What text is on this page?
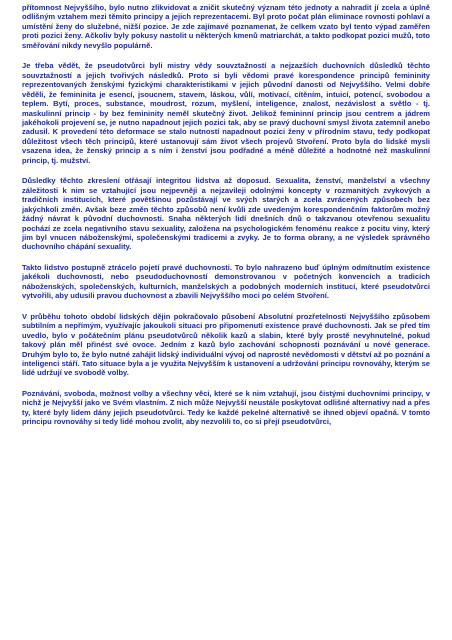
přítomnost Nejvyššího, bylo nutno zlikvidovat a zničit skutečný význam této jednoty a nahradit jí zcela a úplně odlišným vztahem mezi těmito principy a jejich reprezentacemi. Byl proto počat plán eliminace rovnosti pohlaví a umístění ženy do služebné, nižší pozice. Je zde zajímavé poznamenat, že celkem vzato byl tento výpad zaměřen proti pozici ženy. Ačkoliv byly pokusy nastolit u některých kmenů matriarchát, a takto podkopat pozici mužů, toto směřování nikdy nevyšlo populárně.

Je třeba vědět, že pseudotvůrci byli mistry vědy souvztažností a nejzazších duchovních důsledků těchto souvztažností a jejich tvořivých následků. Proto si byli vědomi pravé korespondence principů femininity reprezentovaných ženskými fyzickými charakteristikami v jejich původní danosti od Nejvyššího. Velmi dobře věděli, že femininita je esencí, jsoucnem, stavem, láskou, vůlí, motivací, cítěním, intuicí, potencí, svobodou a teplem. Bytí, proces, substance, moudrost, rozum, myšlení, inteligence, znalost, nezávislost a světlo - tj. maskulinní princip - by bez femininity neměl skutečný život. Jelikož femininní princip jsou centrem a jádrem jakéhokoli projevení se, je nutno napadnout jejich pozici tak, aby se pravý duchovní smysl života zatemnil anebo zadusil. K provedení této deformace se stalo nutností napadnout pozici ženy v přírodním stavu, tedy podkopat důležitost všech těch principů, které ustanovují sám život všech projevů Stvoření. Proto byla do lidské mysli vsazena idea, že ženský princip a s ním i ženství jsou podřadné a méně důležité a hodnotné než maskulinní princip, tj. mužství.

Důsledky těchto zkreslení otřásají integritou lidstva až doposud. Sexualita, ženství, manželství a všechny záležitosti k nim se vztahující jsou nejpevněji a nejzavileji odolnými koncepty v rozmanitých zvykových a tradičních institucích, které povětšinou pozůstávají ve svých starých a zcela zvrácených způsobech bez jakýchkoli změn. Avšak beze změn těchto způsobů není kvůli zde uvedeným korespondenčním faktorům možný žádný návrat k původní duchovnosti. Snaha některých lidí dnešních dnů o takzvanou otevřenou sexualitu pochází ze zcela negativního stavu sexuality, založena na psychologickém fenoménu reakce z pocitu viny, který jim byl vnucen náboženskými, společenskými tradicemi a zvyky. Je to forma obrany, a ne výsledek správného duchovního chápání sexuality.

Takto lidstvo postupně ztrácelo pojetí pravé duchovnosti. To bylo nahrazeno buď úplným odmítnutím existence jakékoli duchovnosti, nebo pseudoduchovností demonstrovanou v početných konvencích a tradicích náboženských, společenských, kulturních, manželských a podobných moderních institucí, které pseudotvůrci vytvořili, aby udusili pravou duchovnost a zbavili Nejvyššího moci po celém Stvoření.

V průběhu tohoto období lidských dějin pokračovalo působení Absolutní prozřetelnosti Nejvyššího způsobem subtilním a nepřímým, využívajíc jakoukoli situaci pro připomenutí existence pravé duchovnosti. Jak se před tím uvedlo, bylo v počátečním plánu pseudotvůrců několik kazů a slabin, které byly prostě nevyhnutelné, pokud takový plán měl přinést své ovoce. Jedním z kazů bylo zachování schopnosti poznávání u nové generace. Druhým bylo to, že bylo nutné zahájit lidský individuální vývoj od naprosté nevědomosti v dětství až po poznání a inteligenci stáří. Tato situace byla a je využita Nejvyšším k ustanovení a udržování principu rovnováhy, kterým se lidé udržují ve svobodě volby.

Poznávání, svoboda, možnost volby a všechny věci, které se k nim vztahují, jsou čistými duchovními principy, v nichž je Nejvyšší jako ve Svém vlastním. Z nich může Nejvyšší neustále poskytovat odlišné alternativy nad a přes ty, které byly lidem dány jejich pseudotvůrci. Tedy ke každé pekelné alternativě se ihned objeví opačná. V tomto principu rovnováhy si tedy lidé mohou zvolit, aby nezvolili to, co si přejí pseudotvůrci,
